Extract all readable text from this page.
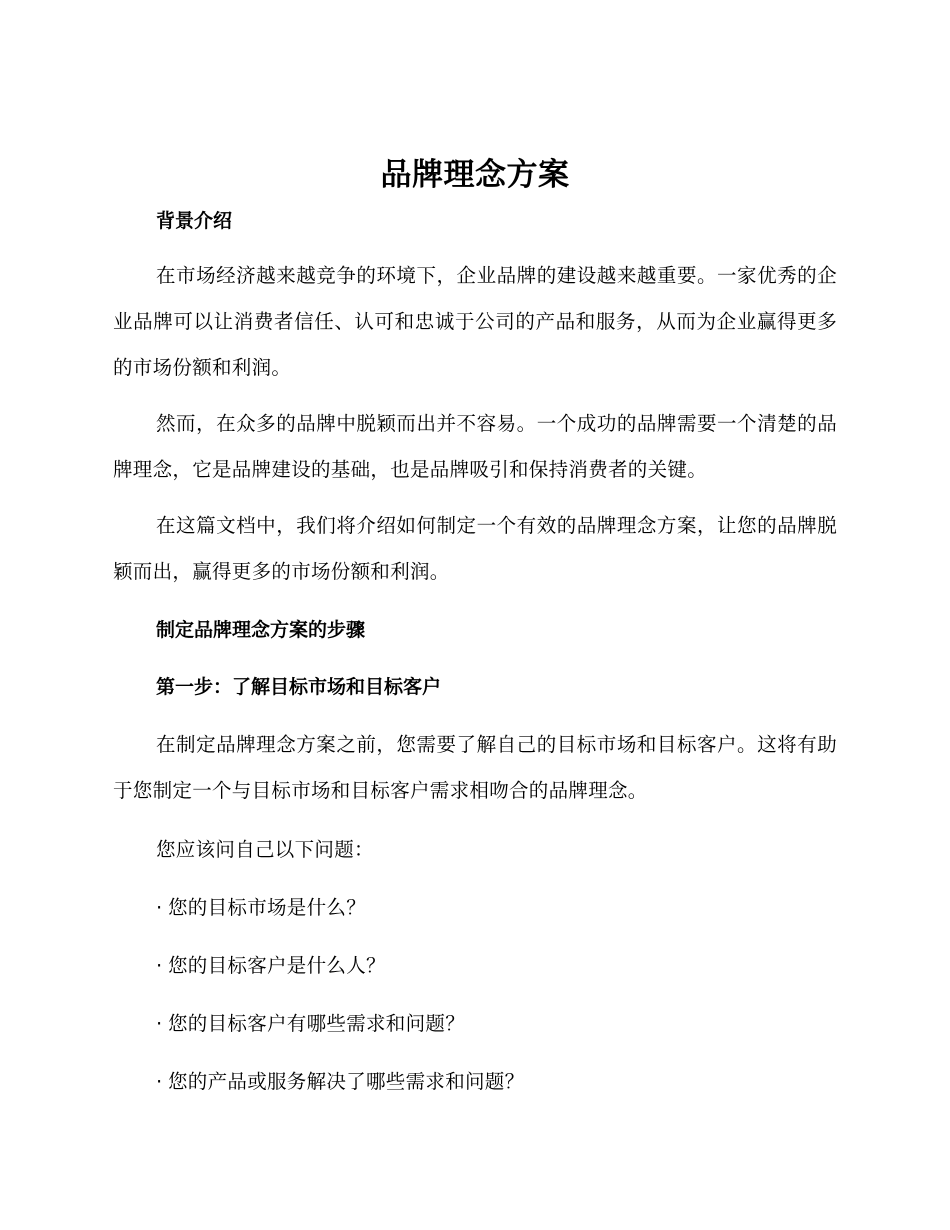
品牌理念方案
背景介绍

在市场经济越来越竞争的环境下，企业品牌的建设越来越重要。一家优秀的企业品牌可以让消费者信任、认可和忠诚于公司的产品和服务，从而为企业赢得更多的市场份额和利润。

然而，在众多的品牌中脱颖而出并不容易。一个成功的品牌需要一个清楚的品牌理念，它是品牌建设的基础，也是品牌吸引和保持消费者的关键。

在这篇文档中，我们将介绍如何制定一个有效的品牌理念方案，让您的品牌脱颖而出，赢得更多的市场份额和利润。

制定品牌理念方案的步骤
第一步：了解目标市场和目标客户

在制定品牌理念方案之前，您需要了解自己的目标市场和目标客户。这将有助于您制定一个与目标市场和目标客户需求相吻合的品牌理念。

您应该问自己以下问题：

· 您的目标市场是什么？

· 您的目标客户是什么人？

· 您的目标客户有哪些需求和问题？

· 您的产品或服务解决了哪些需求和问题？
